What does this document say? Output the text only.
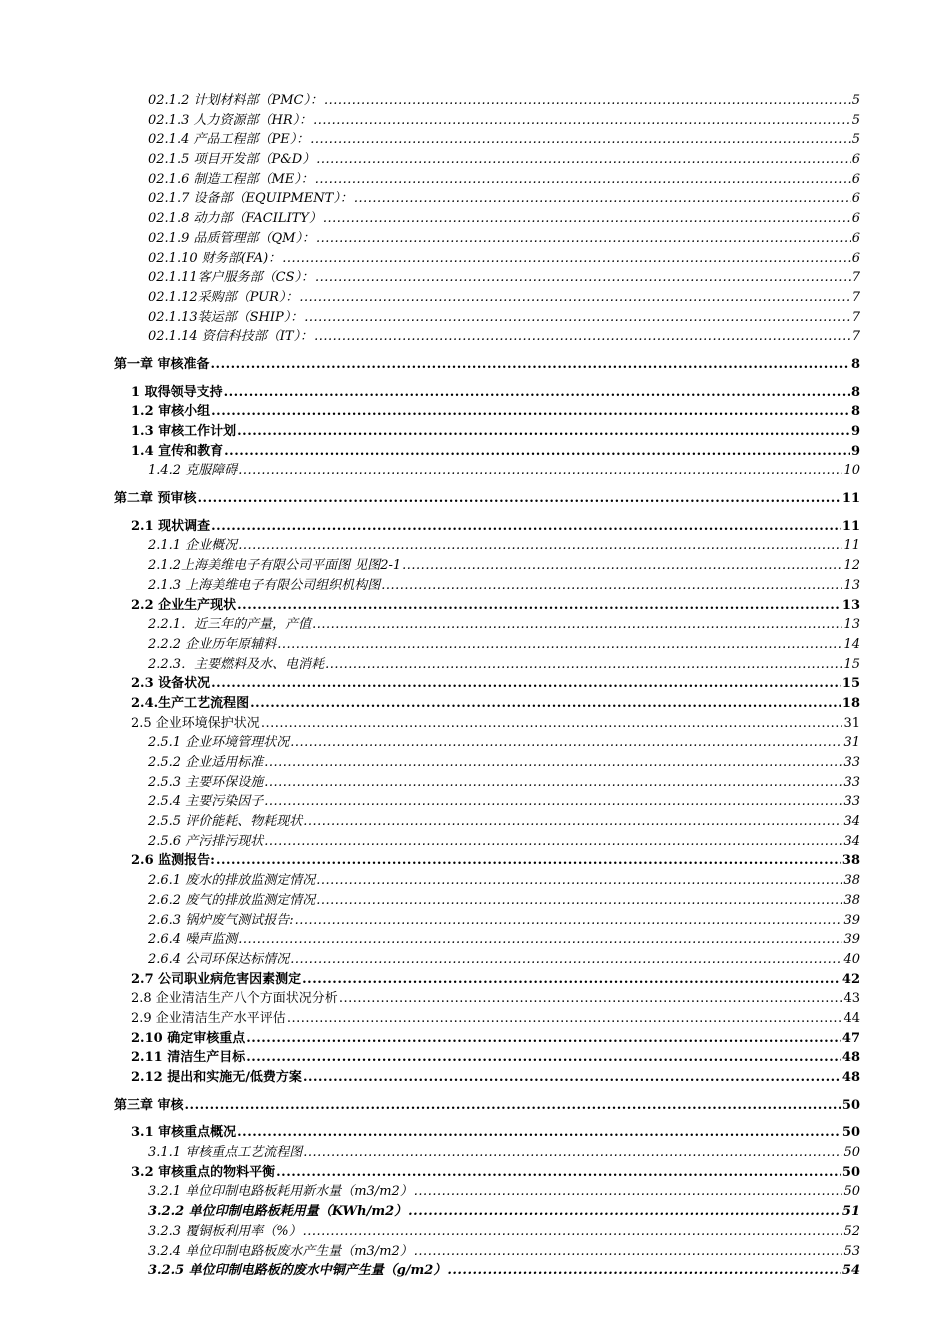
02.1.2 计划材料部（PMC）： .....	5
02.1.3 人力资源部（HR）： .....	5
02.1.4 产品工程部（PE）： .....	5
02.1.5 项目开发部（P&D） .....	6
02.1.6 制造工程部（ME）： .....	6
02.1.7 设备部（EQUIPMENT）： .....	6
02.1.8 动力部（FACILITY） .....	6
02.1.9 品质管理部（QM）： .....	6
02.1.10 财务部(FA)： .....	6
02.1.11客户服务部（CS）： .....	7
02.1.12采购部（PUR）： .....	7
02.1.13装运部（SHIP）： .....	7
02.1.14 资信科技部（IT）： .....	7
第一章 审核准备 .....	8
1 取得领导支持 .....	8
1.2 审核小组 .....	8
1.3 审核工作计划 .....	9
1.4 宣传和教育 .....	9
1.4.2 克服障碍 .....	10
第二章 预审核 .....	11
2.1 现状调查 .....	11
2.1.1 企业概况 .....	11
2.1.2上海美维电子有限公司平面图 见图2-1 .....	12
2.1.3 上海美维电子有限公司组织机构图 .....	13
2.2 企业生产现状 .....	13
2.2.1．近三年的产量，产值 .....	13
2.2.2 企业历年原辅料 .....	14
2.2.3．主要燃料及水、电消耗 .....	15
2.3 设备状况 .....	15
2.4.生产工艺流程图 .....	18
2.5 企业环境保护状况 .....	31
2.5.1 企业环境管理状况 .....	31
2.5.2 企业适用标准 .....	33
2.5.3 主要环保设施 .....	33
2.5.4 主要污染因子 .....	33
2.5.5 评价能耗、物耗现状 .....	34
2.5.6 产污排污现状 .....	34
2.6 监测报告: .....	38
2.6.1 废水的排放监测定情况 .....	38
2.6.2 废气的排放监测定情况 .....	38
2.6.3 锅炉废气测试报告: .....	39
2.6.4 噪声监测 .....	39
2.6.4 公司环保达标情况 .....	40
2.7 公司职业病危害因素测定 .....	42
2.8 企业清洁生产八个方面状况分析 .....	43
2.9 企业清洁生产水平评估 .....	44
2.10 确定审核重点 .....	47
2.11 清洁生产目标 .....	48
2.12 提出和实施无/低费方案 .....	48
第三章 审核 .....	50
3.1 审核重点概况 .....	50
3.1.1 审核重点工艺流程图 .....	50
3.2 审核重点的物料平衡 .....	50
3.2.1 单位印制电路板耗用新水量（m3/m2） .....	50
3.2.2 单位印制电路板耗用量（KWh/m2） .....	51
3.2.3 覆铜板利用率（%） .....	52
3.2.4 单位印制电路板废水产生量（m3/m2） .....	53
3.2.5 单位印制电路板的废水中铜产生量（g/m2） .....	54
